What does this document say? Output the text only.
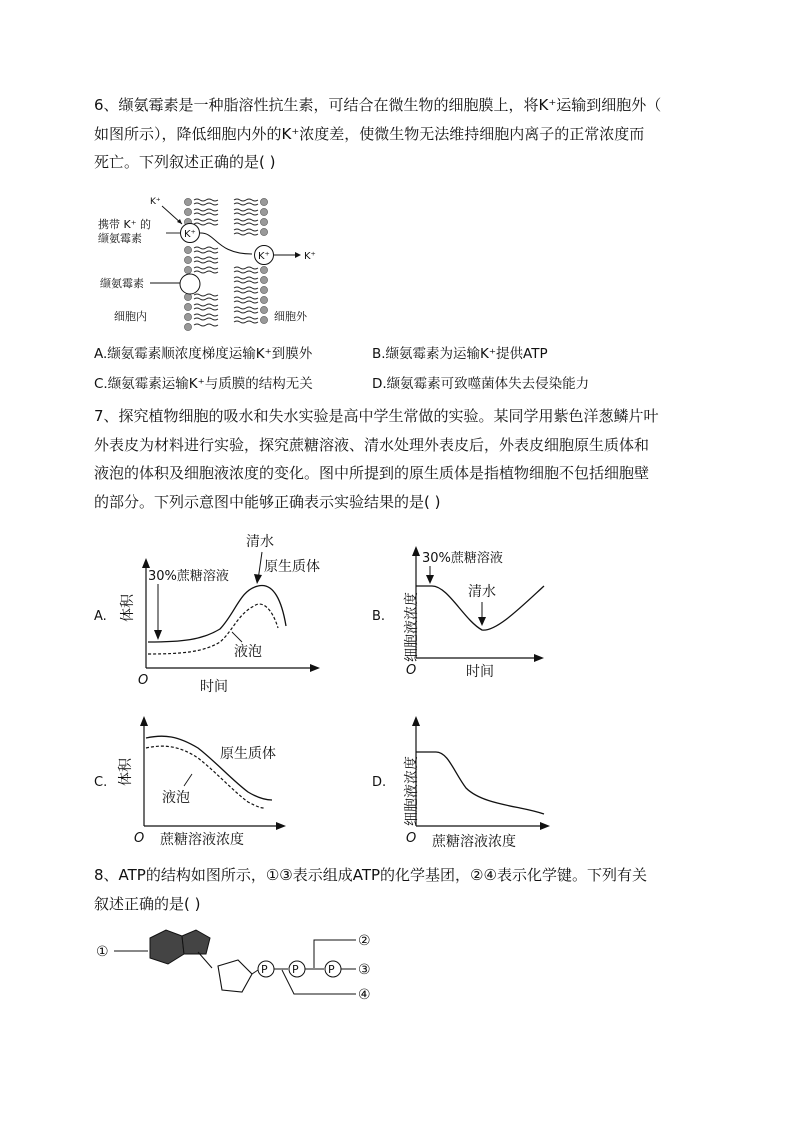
6、缬氨霉素是一种脂溶性抗生素，可结合在微生物的细胞膜上，将K⁺运输到细胞外（
如图所示），降低细胞内外的K⁺浓度差，使微生物无法维持细胞内离子的正常浓度而
死亡。下列叙述正确的是( )
K⁺
携带 K⁺ 的
缬氨霉素	K⁺
K⁺	K⁺
缬氨霉素
细胞内	细胞外
A.缬氨霉素顺浓度梯度运输K⁺到膜外	B.缬氨霉素为运输K⁺提供ATP
C.缬氨霉素运输K⁺与质膜的结构无关	D.缬氨霉素可致噬菌体失去侵染能力
7、探究植物细胞的吸水和失水实验是高中学生常做的实验。某同学用紫色洋葱鳞片叶
外表皮为材料进行实验，探究蔗糖溶液、清水处理外表皮后，外表皮细胞原生质体和
液泡的体积及细胞液浓度的变化。图中所提到的原生质体是指植物细胞不包括细胞壁
的部分。下列示意图中能够正确表示实验结果的是( )
A. 体积
O	时间
30%蔗糖溶液
清水
原生质体
液泡
B. 细胞液浓度
O	时间
30%蔗糖溶液
清水
C. 体积
O 蔗糖溶液浓度
原生质体
液泡
D. 细胞液浓度
O 蔗糖溶液浓度
8、ATP的结构如图所示，①③表示组成ATP的化学基团，②④表示化学键。下列有关
叙述正确的是( )
①
P P	P ③
②
④
